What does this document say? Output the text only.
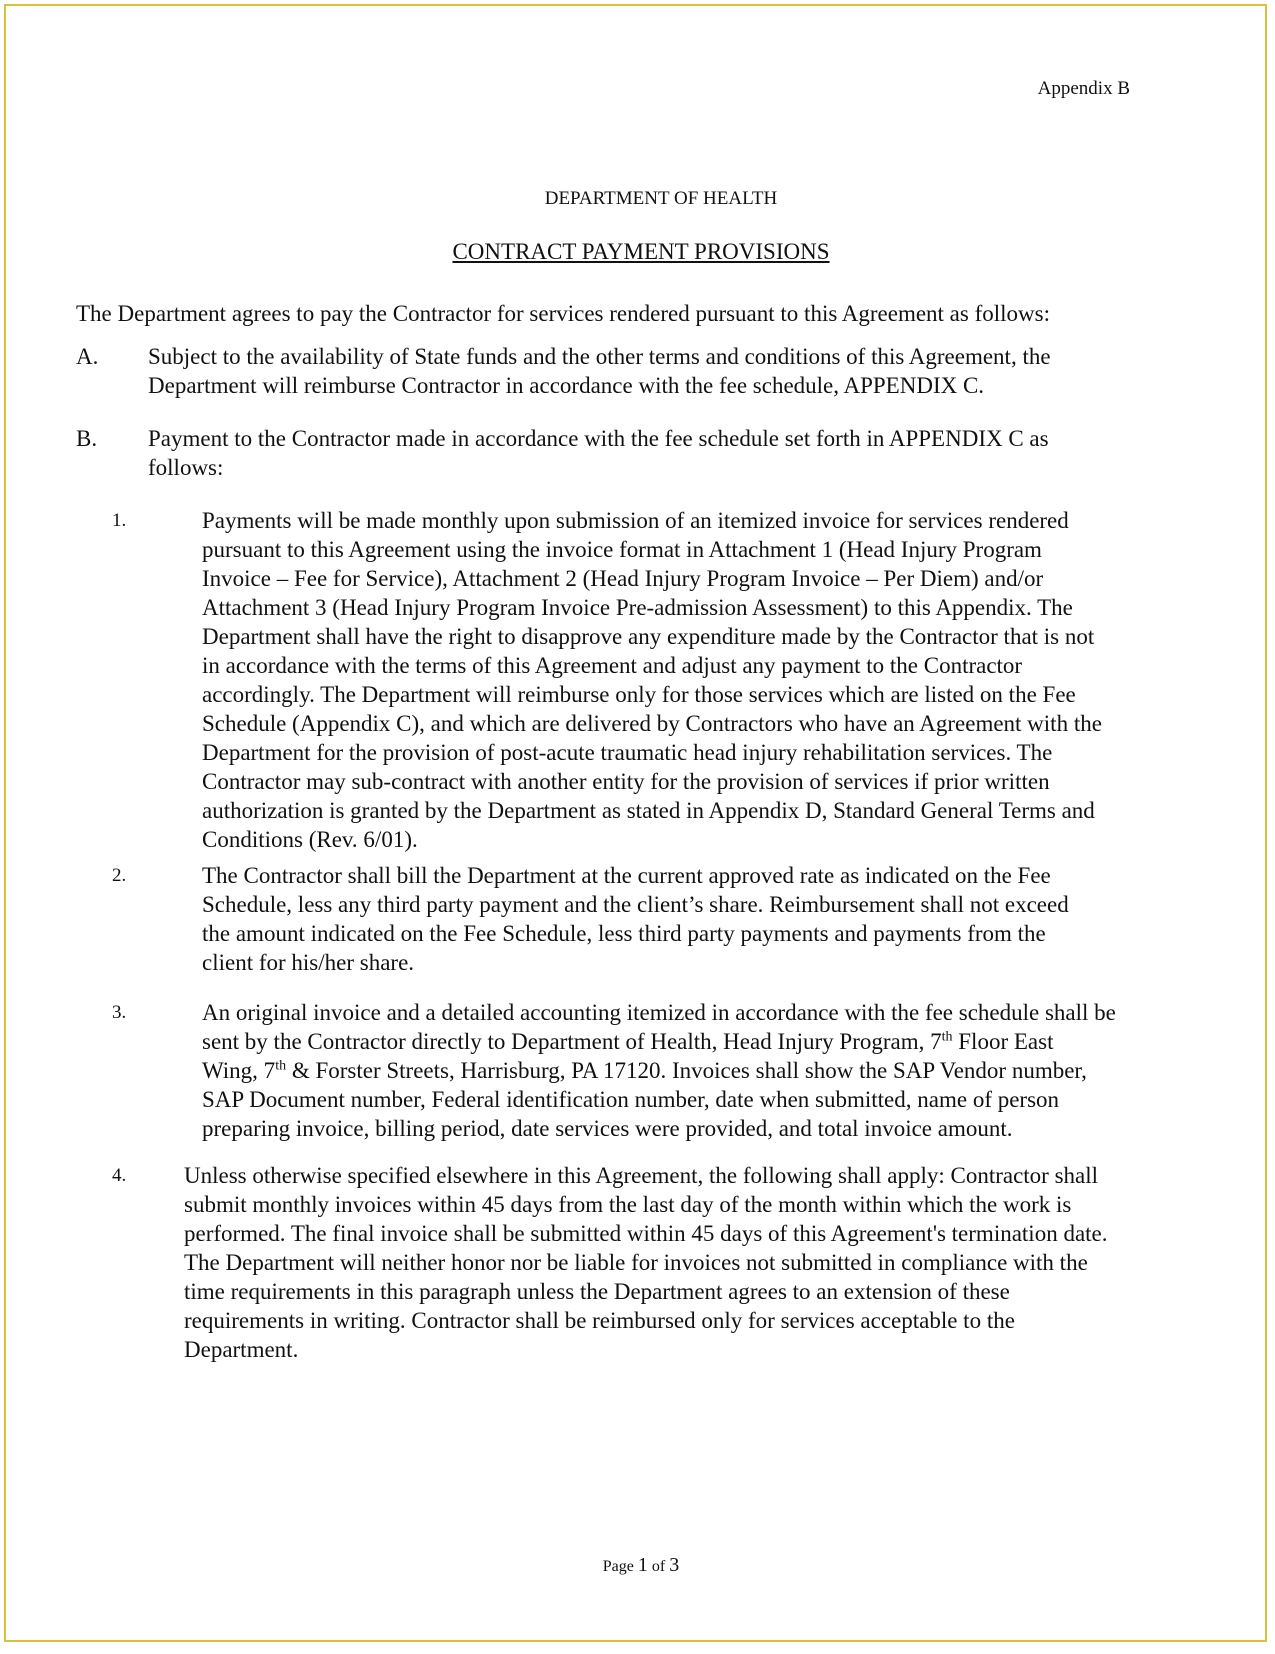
Appendix B

DEPARTMENT OF HEALTH

CONTRACT PAYMENT PROVISIONS

The Department agrees to pay the Contractor for services rendered pursuant to this Agreement as follows:

A. Subject to the availability of State funds and the other terms and conditions of this Agreement, the
Department will reimburse Contractor in accordance with the fee schedule, APPENDIX C.
B. Payment to the Contractor made in accordance with the fee schedule set forth in APPENDIX C as
follows:
1.	Payments will be made monthly upon submission of an itemized invoice for services rendered
pursuant to this Agreement using the invoice format in Attachment 1 (Head Injury Program
Invoice – Fee for Service), Attachment 2 (Head Injury Program Invoice – Per Diem) and/or
Attachment 3 (Head Injury Program Invoice Pre-admission Assessment) to this Appendix. The
Department shall have the right to disapprove any expenditure made by the Contractor that is not
in accordance with the terms of this Agreement and adjust any payment to the Contractor
accordingly. The Department will reimburse only for those services which are listed on the Fee
Schedule (Appendix C), and which are delivered by Contractors who have an Agreement with the
Department for the provision of post-acute traumatic head injury rehabilitation services. The
Contractor may sub-contract with another entity for the provision of services if prior written
authorization is granted by the Department as stated in Appendix D, Standard General Terms and
Conditions (Rev. 6/01).
2.	The Contractor shall bill the Department at the current approved rate as indicated on the Fee
Schedule, less any third party payment and the client’s share. Reimbursement shall not exceed
the amount indicated on the Fee Schedule, less third party payments and payments from the
client for his/her share.
3.	An original invoice and a detailed accounting itemized in accordance with the fee schedule shall be
sent by the Contractor directly to Department of Health, Head Injury Program, 7th Floor East
Wing, 7th & Forster Streets, Harrisburg, PA 17120. Invoices shall show the SAP Vendor number,
SAP Document number, Federal identification number, date when submitted, name of person
preparing invoice, billing period, date services were provided, and total invoice amount.
4.	Unless otherwise specified elsewhere in this Agreement, the following shall apply: Contractor shall
submit monthly invoices within 45 days from the last day of the month within which the work is
performed. The final invoice shall be submitted within 45 days of this Agreement's termination date.
The Department will neither honor nor be liable for invoices not submitted in compliance with the
time requirements in this paragraph unless the Department agrees to an extension of these
requirements in writing. Contractor shall be reimbursed only for services acceptable to the
Department.

Page 1 of 3
